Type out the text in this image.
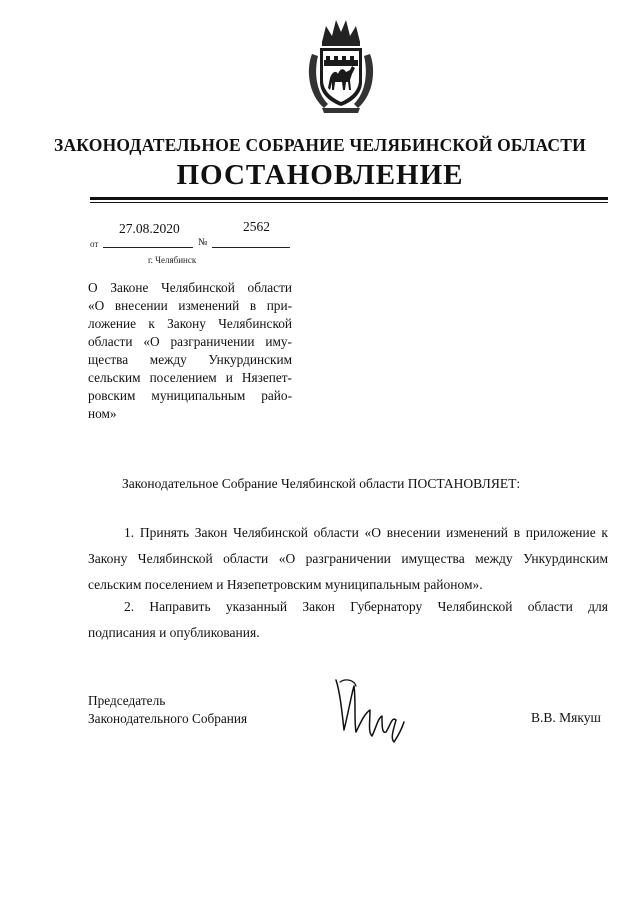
ЗАКОНОДАТЕЛЬНОЕ СОБРАНИЕ ЧЕЛЯБИНСКОЙ ОБЛАСТИ
ПОСТАНОВЛЕНИЕ
от
27.08.2020
№
2562
г. Челябинск
О Законе Челябинской области
«О внесении изменений в при-
ложение к Закону Челябинской
области «О разграничении иму-
щества между Ункурдинским
сельским поселением и Нязепет-
ровским муниципальным райо-
ном»
Законодательное Собрание Челябинской области ПОСТАНОВЛЯЕТ:
1. Принять Закон Челябинской области «О внесении изменений в приложение к
Закону Челябинской области «О разграничении имущества между Ункурдинским
сельским поселением и Нязепетровским муниципальным районом».
2. Направить указанный Закон Губернатору Челябинской области для
подписания и опубликования.
Председатель
Законодательного Собрания	В.В. Мякуш
